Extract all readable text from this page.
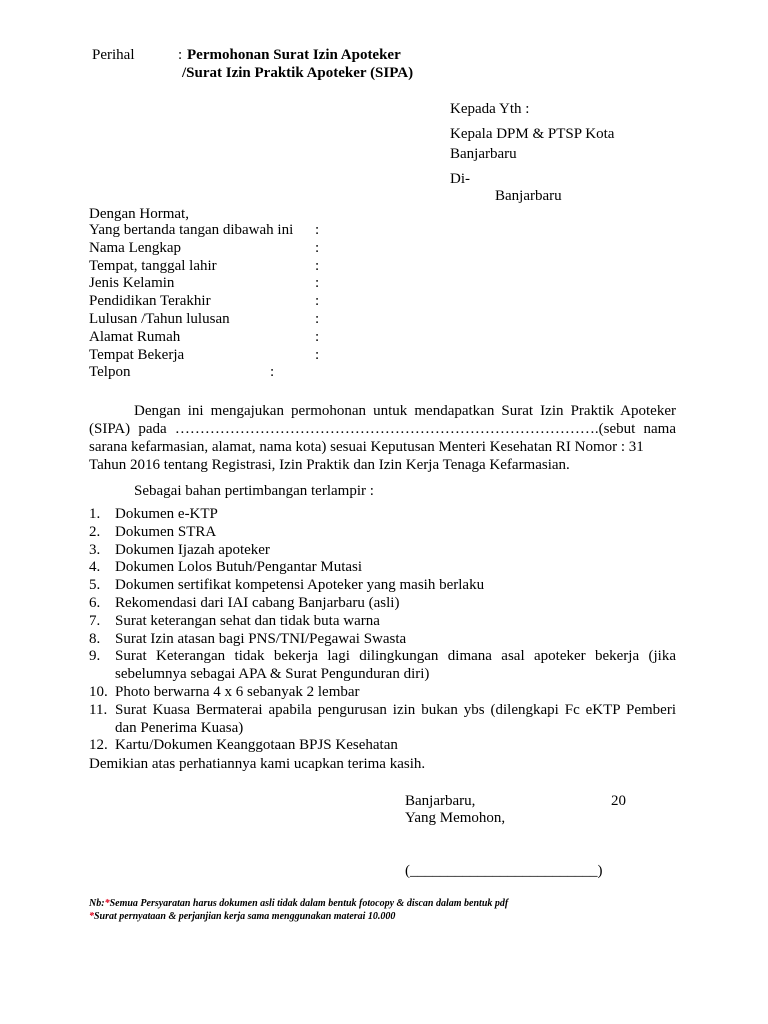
Perihal	: Permohonan Surat Izin Apoteker
/Surat Izin Praktik Apoteker (SIPA)
Kepada Yth :
Kepala DPM & PTSP Kota
Banjarbaru
Di-
Banjarbaru
Dengan Hormat,
Yang bertanda tangan dibawah ini :
Nama Lengkap	:
Tempat, tanggal lahir	:
Jenis Kelamin	:
Pendidikan Terakhir	:
Lulusan /Tahun lulusan	:
Alamat Rumah	:
Tempat Bekerja	:
Telpon	:
Dengan ini mengajukan permohonan untuk mendapatkan Surat Izin Praktik Apoteker (SIPA) pada ………………………………………………………………………….(sebut nama sarana kefarmasian, alamat, nama kota) sesuai Keputusan Menteri Kesehatan RI Nomor : 31
Tahun 2016 tentang Registrasi, Izin Praktik dan Izin Kerja Tenaga Kefarmasian.
Sebagai bahan pertimbangan terlampir :
1. Dokumen e-KTP
2. Dokumen STRA
3. Dokumen Ijazah apoteker
4. Dokumen Lolos Butuh/Pengantar Mutasi
5. Dokumen sertifikat kompetensi Apoteker yang masih berlaku
6. Rekomendasi dari IAI cabang Banjarbaru (asli)
7. Surat keterangan sehat dan tidak buta warna
8. Surat Izin atasan bagi PNS/TNI/Pegawai Swasta
9. Surat Keterangan tidak bekerja lagi dilingkungan dimana asal apoteker bekerja (jika sebelumnya sebagai APA & Surat Pengunduran diri)
10. Photo berwarna 4 x 6 sebanyak 2 lembar
11. Surat Kuasa Bermaterai apabila pengurusan izin bukan ybs (dilengkapi Fc eKTP Pemberi dan Penerima Kuasa)
12. Kartu/Dokumen Keanggotaan BPJS Kesehatan
Demikian atas perhatiannya kami ucapkan terima kasih.
Banjarbaru,	20
Yang Memohon,
(_________________________)
Nb:*Semua Persyaratan harus dokumen asli tidak dalam bentuk fotocopy & discan dalam bentuk pdf
*Surat pernyataan & perjanjian kerja sama menggunakan materai 10.000
